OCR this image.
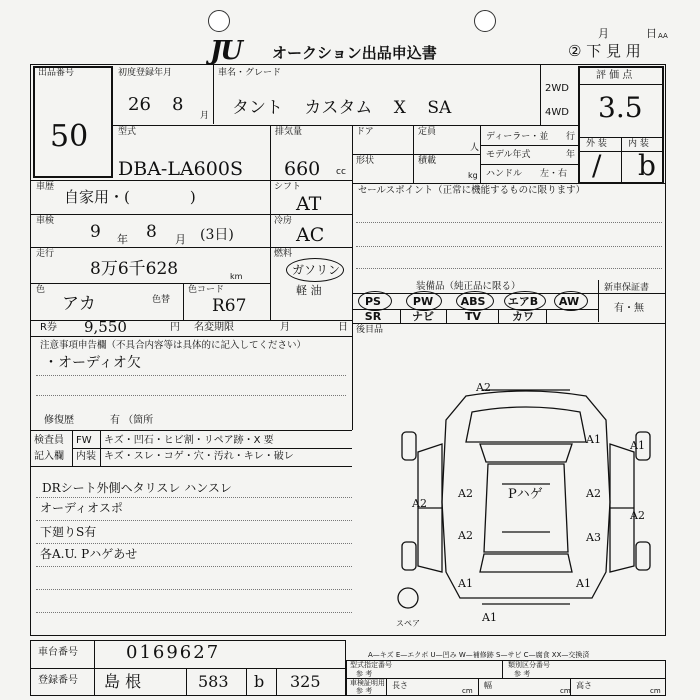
JU オークション出品申込書
月	日 AA
② 下 見 用
出品番号
50
初度登録年月
26 8
月
車名・グレード
タント カスタム X SA
2WD
4WD
評 価 点
3.5
外 装 内 装
/ b
型式
DBA-LA600S
排気量
660 cc
ドア	定員
人
形状	積載
kg
ディーラー・並 行
モデル年式	年
ハンドル 左・右
車歴
自家用・(　　　　)
シフト
AT
セールスポイント（正常に機能するものに限ります）
車検
9 年 8 月 (3日)
冷房
AC
走行
8万6千628	km
燃料
ガソリン
軽 油
色
アカ	色替
色コード
R67
装備品（純正品に限る）	新車保証書
有・無
PS	PW	ABS	エアB	AW
SR	ナビ	TV	カワ
後目品
R券 9,550	円 名変期限	月	日
注意事項申告欄（不具合内容等は具体的に記入してください）
・オーディオ欠
修復歴	有 （箇所
検査員
記入欄
FW キズ・凹石・ヒビ割・リペア跡・X 要
内装 キズ・スレ・コゲ・穴・汚れ・キレ・破レ
DRシート外側ヘタリスレ ハンスレ
オーディオスポ
下廻りS有
各A.U. Pハゲあせ
A2
A1	A1
A2
A2	Pハゲ	A2
A2
A2	A3
A1	A1
A1
スペア
A—キズ E—エクボ U—凹み W—補修跡 S—サビ C—腐食 XX—交換済
車台番号	0169627
登録番号 島 根	583 b 325
型式指定番号
参 考
類別区分番号
参 考
車検証明用
参 考
長さ
cm
幅
cm
高さ
cm
